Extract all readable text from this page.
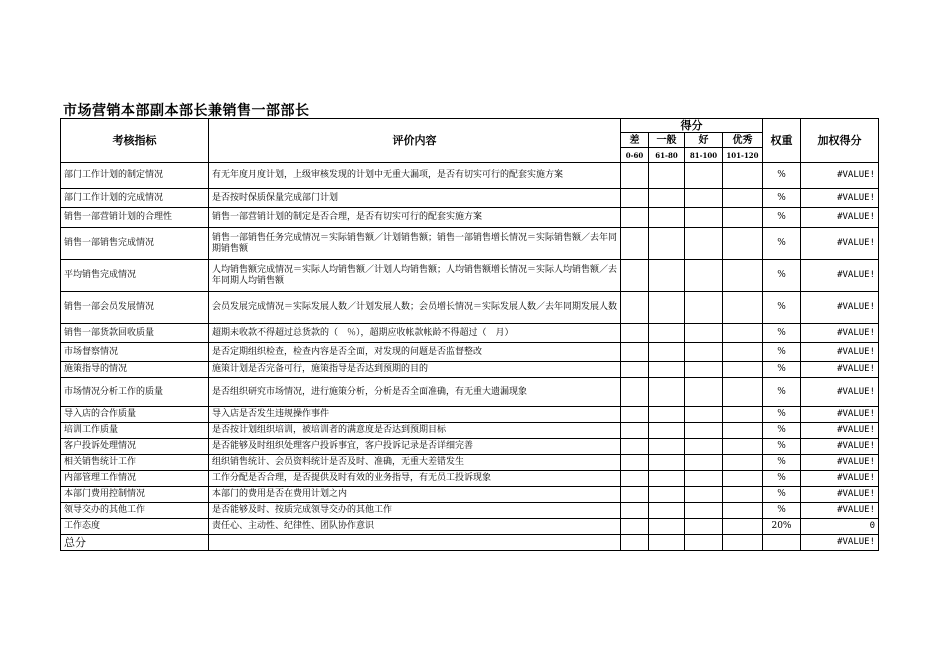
市场营销本部副本部长兼销售一部部长
考核指标	评价内容	得分				权重	加权得分
		差	一般	好	优秀		
		0-60	61-80	81-100	101-120		
部门工作计划的制定情况	有无年度月度计划，上级审核发现的计划中无重大漏项，是否有切实可行的配套实施方案					%	#VALUE!
部门工作计划的完成情况	是否按时保质保量完成部门计划					%	#VALUE!
销售一部营销计划的合理性	销售一部营销计划的制定是否合理，是否有切实可行的配套实施方案					%	#VALUE!
销售一部销售完成情况	销售一部销售任务完成情况＝实际销售额／计划销售额；销售一部销售增长情况＝实际销售额／去年同期销售额					%	#VALUE!
平均销售完成情况	人均销售额完成情况＝实际人均销售额／计划人均销售额；人均销售额增长情况＝实际人均销售额／去年同期人均销售额					%	#VALUE!
销售一部会员发展情况	会员发展完成情况＝实际发展人数／计划发展人数；会员增长情况＝实际发展人数／去年同期发展人数					%	#VALUE!
销售一部货款回收质量	超期未收款不得超过总货款的（　％），超期应收帐款帐龄不得超过（　月）					%	#VALUE!
市场督察情况	是否定期组织检查，检查内容是否全面，对发现的问题是否监督整改					%	#VALUE!
施策指导的情况	施策计划是否完备可行，施策指导是否达到预期的目的					%	#VALUE!
市场情况分析工作的质量	是否组织研究市场情况，进行施策分析，分析是否全面准确，有无重大遗漏现象					%	#VALUE!
导入店的合作质量	导入店是否发生违规操作事件					%	#VALUE!
培训工作质量	是否按计划组织培训，被培训者的满意度是否达到预期目标					%	#VALUE!
客户投诉处理情况	是否能够及时组织处理客户投诉事宜，客户投诉记录是否详细完善					%	#VALUE!
相关销售统计工作	组织销售统计、会员资料统计是否及时、准确，无重大差错发生					%	#VALUE!
内部管理工作情况	工作分配是否合理，是否提供及时有效的业务指导，有无员工投诉现象					%	#VALUE!
本部门费用控制情况	本部门的费用是否在费用计划之内					%	#VALUE!
领导交办的其他工作	是否能够及时、按质完成领导交办的其他工作					%	#VALUE!
工作态度	责任心、主动性、纪律性、团队协作意识					20%	0
总分							#VALUE!
